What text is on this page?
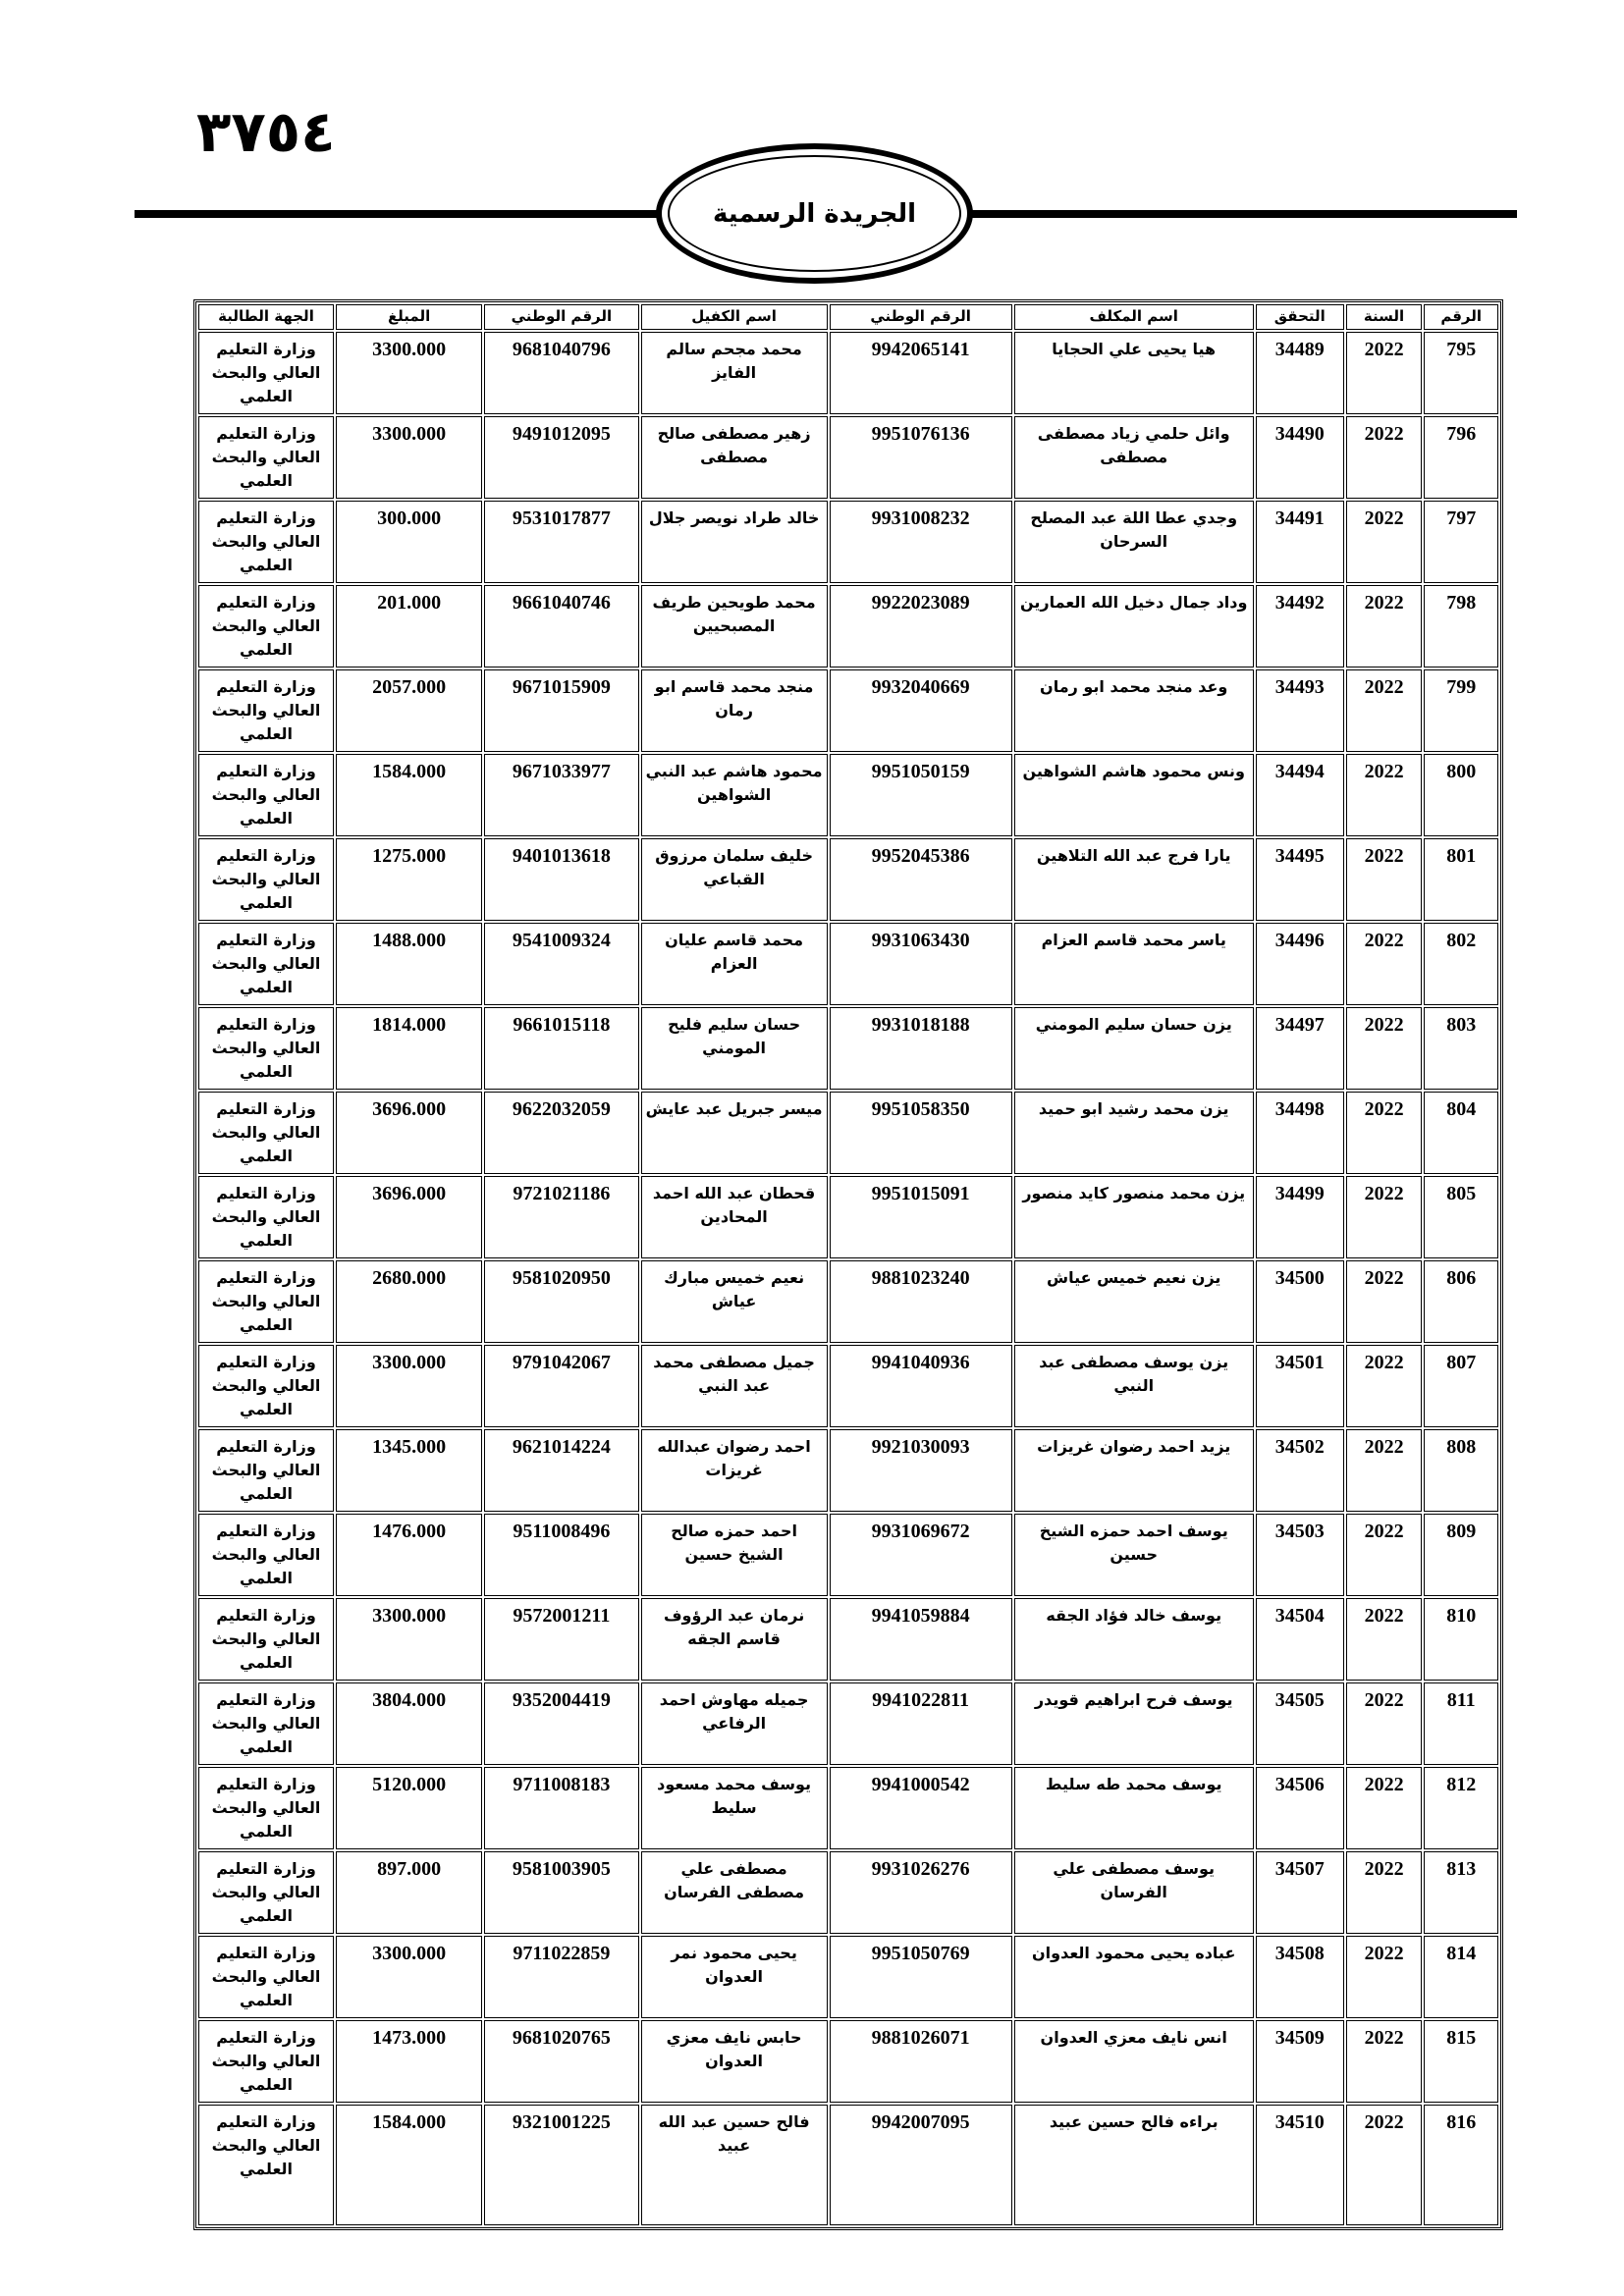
٣٧٥٤
الجريدة الرسمية
الرقم	السنة	التحقق	اسم المكلف	الرقم الوطني	اسم الكفيل	الرقم الوطني	المبلغ	الجهة الطالبة
795	2022	34489	هيا يحيى علي الحجايا	9942065141	محمد مجحم سالم الفايز	9681040796	3300.000	وزارة التعليم العالي والبحث العلمي
796	2022	34490	وائل حلمي زياد مصطفى مصطفى	9951076136	زهير مصطفى صالح مصطفى	9491012095	3300.000	وزارة التعليم العالي والبحث العلمي
797	2022	34491	وجدي عطا اللة عبد المصلح السرحان	9931008232	خالد طراد نويصر جلال	9531017877	300.000	وزارة التعليم العالي والبحث العلمي
798	2022	34492	وداد جمال دخيل الله العمارين	9922023089	محمد طويحين طريف المصبحيين	9661040746	201.000	وزارة التعليم العالي والبحث العلمي
799	2022	34493	وعد منجد محمد ابو رمان	9932040669	منجد محمد قاسم ابو رمان	9671015909	2057.000	وزارة التعليم العالي والبحث العلمي
800	2022	34494	ونس محمود هاشم الشواهين	9951050159	محمود هاشم عبد النبي الشواهين	9671033977	1584.000	وزارة التعليم العالي والبحث العلمي
801	2022	34495	يارا فرج عبد الله التلاهين	9952045386	خليف سلمان مرزوق القباعي	9401013618	1275.000	وزارة التعليم العالي والبحث العلمي
802	2022	34496	ياسر محمد قاسم العزام	9931063430	محمد قاسم عليان العزام	9541009324	1488.000	وزارة التعليم العالي والبحث العلمي
803	2022	34497	يزن حسان سليم المومني	9931018188	حسان سليم فليح المومني	9661015118	1814.000	وزارة التعليم العالي والبحث العلمي
804	2022	34498	يزن محمد رشيد ابو حميد	9951058350	ميسر جبريل عبد عايش	9622032059	3696.000	وزارة التعليم العالي والبحث العلمي
805	2022	34499	يزن محمد منصور كايد منصور	9951015091	قحطان عبد الله احمد المحادين	9721021186	3696.000	وزارة التعليم العالي والبحث العلمي
806	2022	34500	يزن نعيم خميس عياش	9881023240	نعيم خميس مبارك عياش	9581020950	2680.000	وزارة التعليم العالي والبحث العلمي
807	2022	34501	يزن يوسف مصطفى عبد النبي	9941040936	جميل مصطفى محمد عبد النبي	9791042067	3300.000	وزارة التعليم العالي والبحث العلمي
808	2022	34502	يزيد احمد رضوان غريزات	9921030093	احمد رضوان عبدالله غريزات	9621014224	1345.000	وزارة التعليم العالي والبحث العلمي
809	2022	34503	يوسف احمد حمزه الشيخ حسين	9931069672	احمد حمزه صالح الشيخ حسين	9511008496	1476.000	وزارة التعليم العالي والبحث العلمي
810	2022	34504	يوسف خالد فؤاد الجقه	9941059884	نرمان عبد الرؤوف قاسم الجقه	9572001211	3300.000	وزارة التعليم العالي والبحث العلمي
811	2022	34505	يوسف فرح ابراهيم قويدر	9941022811	جميله مهاوش احمد الرفاعي	9352004419	3804.000	وزارة التعليم العالي والبحث العلمي
812	2022	34506	يوسف محمد طه سليط	9941000542	يوسف محمد مسعود سليط	9711008183	5120.000	وزارة التعليم العالي والبحث العلمي
813	2022	34507	يوسف مصطفى علي الفرسان	9931026276	مصطفى علي مصطفى الفرسان	9581003905	897.000	وزارة التعليم العالي والبحث العلمي
814	2022	34508	عباده يحيى محمود العدوان	9951050769	يحيى محمود نمر العدوان	9711022859	3300.000	وزارة التعليم العالي والبحث العلمي
815	2022	34509	انس نايف معزي العدوان	9881026071	حابس نايف معزي العدوان	9681020765	1473.000	وزارة التعليم العالي والبحث العلمي
816	2022	34510	براءه فالح حسين عبيد	9942007095	فالح حسين عبد الله عبيد	9321001225	1584.000	وزارة التعليم العالي والبحث العلمي
